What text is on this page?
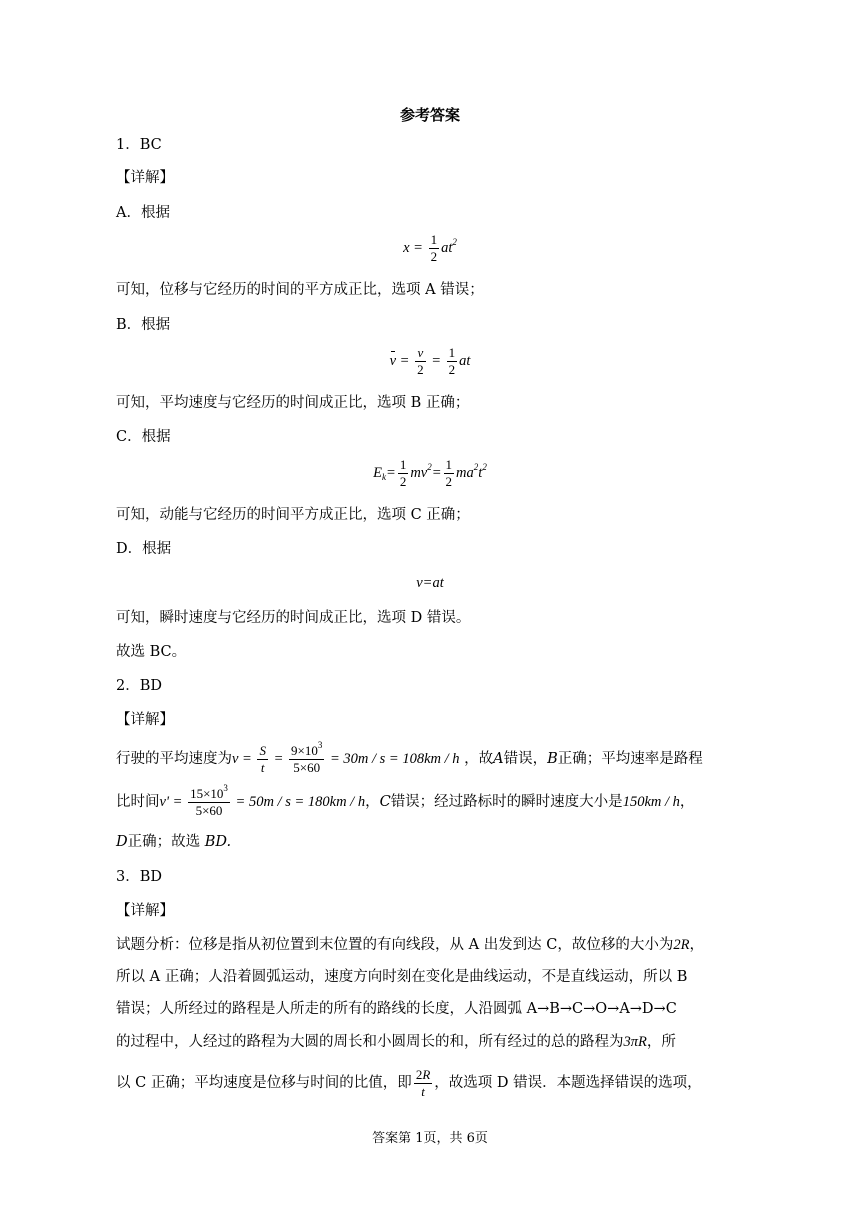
参考答案
1．BC
【详解】
A．根据
$x = \frac{1}{2} at^2$
可知，位移与它经历的时间的平方成正比，选项 A 错误；
B．根据
$v = \frac{v}{2} = \frac{1}{2}$ at
可知，平均速度与它经历的时间成正比，选项 B 正确；
C．根据
$E_k= \frac{1}{2} mv^2= \frac{1}{2} ma^2t^2$
可知，动能与它经历的时间平方成正比，选项 C 正确；
D．根据
v=at
可知，瞬时速度与它经历的时间成正比，选项 D 错误。
故选 BC。
2．BD
【详解】
行驶的平均速度为$v = \frac{S}{t} = \frac{9\times 10^3}{5\times 60} = 30m / s = 108km / h$ ，故A错误，B正确；平均速率是路程
比时间$v' = \frac{15\times 10^3}{5\times 60} = 50m / s = 180km / h$，C错误；经过路标时的瞬时速度大小是150km / h，
D正确；故选 BD.
3．BD
【详解】
试题分析：位移是指从初位置到末位置的有向线段，从 A 出发到达 C，故位移的大小为2R，
所以 A 正确；人沿着圆弧运动，速度方向时刻在变化是曲线运动，不是直线运动，所以 B
错误；人所经过的路程是人所走的所有的路线的长度，人沿圆弧 A→B→C→O→A→D→C
的过程中，人经过的路程为大圆的周长和小圆周长的和，所有经过的总的路程为3πR，所
以 C 正确；平均速度是位移与时间的比值，即 $\frac{2R}{t}$ ，故选项 D 错误．本题选择错误的选项，
答案第 1页，共 6页
